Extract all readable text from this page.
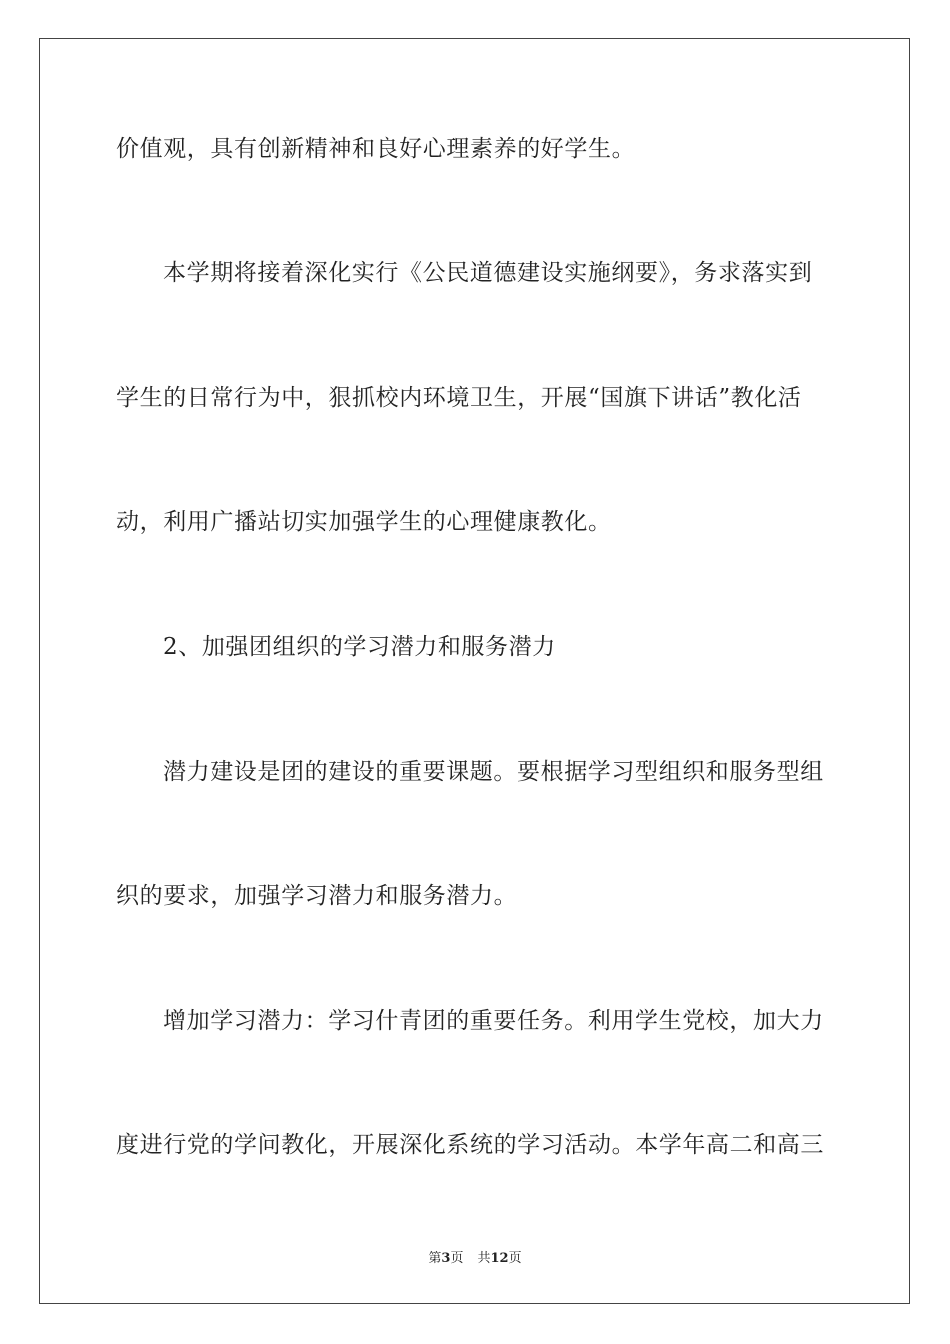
价值观，具有创新精神和良好心理素养的好学生。

本学期将接着深化实行《公民道德建设实施纲要》，务求落实到

学生的日常行为中，狠抓校内环境卫生，开展“国旗下讲话”教化活

动，利用广播站切实加强学生的心理健康教化。

2、加强团组织的学习潜力和服务潜力

潜力建设是团的建设的重要课题。要根据学习型组织和服务型组

织的要求，加强学习潜力和服务潜力。

增加学习潜力：学习什青团的重要任务。利用学生党校，加大力

度进行党的学问教化，开展深化系统的学习活动。本学年高二和高三

第3页 共12页
